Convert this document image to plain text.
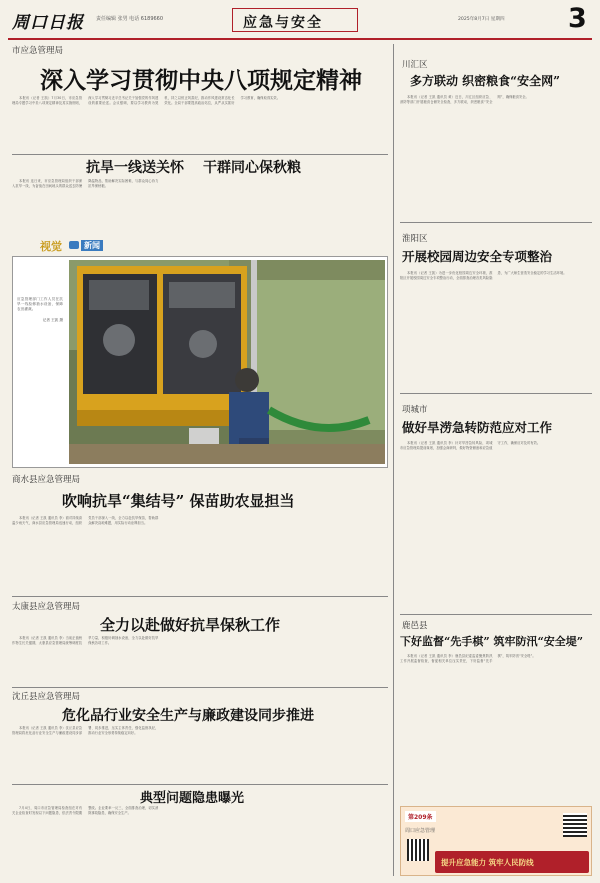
周口日报 责任编辑 张男 电话 6189660	应急与安全	2025年8月7日 星期四 3
市应急管理局
深入学习贯彻中央八项规定精神

本报讯（记者 王凯）7月30日，市应急管理局专题学习中央八项规定精神及其实施细则，深入学习贯彻习近平总书记关于加强党的作风建设的重要论述。会议强调，要以学习教育为契机，持之以恒正风肃纪，推动作风建设常态化长效化。全局干部要提高政治站位，从严从实抓好学习教育，确保取得实效。

抗旱一线送关怀 干群同心保秋粮

本报讯 连日来，市应急管理局组织干部深入抗旱一线，为奋战在田间地头的群众送去防暑降温物品，帮助解决实际困难，与群众同心协力抗旱保秋粮。

视觉	新闻
应急管理部门工作人员在抗旱一线检修抽水设备，保障农田灌溉。
记者 王凯 摄
商水县应急管理局
吹响抗旱“集结号” 保苗助农显担当

本报讯（记者 王凯 通讯员 李）面对持续高温少雨天气，商水县应急管理局迅速行动，组织党员干部深入一线，全力以赴抗旱保苗，帮助群众解决浇地难题，用实际行动诠释担当。

太康县应急管理局
全力以赴做好抗旱保秋工作

本报讯（记者 王凯 通讯员 李）当前正值秋作物生长关键期，太康县应急管理局统筹调度抗旱力量，积极协调抽水设备，全力以赴做好抗旱保秋各项工作。

沈丘县应急管理局
危化品行业安全生产与廉政建设同步推进

本报讯（记者 王凯 通讯员 李）沈丘县应急管理局将危化品行业安全生产与廉政建设同步部署、同步推进，压实主体责任，强化监督执纪，推动行业安全形势持续稳定向好。

典型问题隐患曝光

7月4日，周口市应急管理局检查组在对有关企业检查时发现以下问题隐患，依法责令限期整改。企业要举一反三，全面排查治理，切实消除事故隐患，确保安全生产。

川汇区
多方联动 织密粮食“安全网”

本报讯（记者 王凯 通讯员 黄）近日，川汇区组织应急、消防等部门开展粮食仓储安全检查，多方联动，织密粮食“安全网”，确保粮食安全。

淮阳区
开展校园周边安全专项整治

本报讯（记者 王凯）为进一步优化校园周边安全环境，淮阳区开展校园周边安全专项整治行动，全面排查治理各类风险隐患，为广大师生营造安全稳定的学习生活环境。

项城市
做好旱涝急转防范应对工作

本报讯（记者 王凯 通讯员 李）针对旱涝急转风险，项城市应急管理局提前谋划，加强会商研判，做好物资储备和应急值守工作，确保应对及时有效。

鹿邑县
下好监督“先手棋” 筑牢防汛“安全堤”

本报讯（记者 王凯 通讯员 李）鹿邑县纪委监委聚焦防汛工作开展监督检查，督促相关单位压实责任，下好监督“先手棋”，筑牢防汛“安全堤”。

第209条
周口应急管理
提升应急能力 筑牢人民防线
